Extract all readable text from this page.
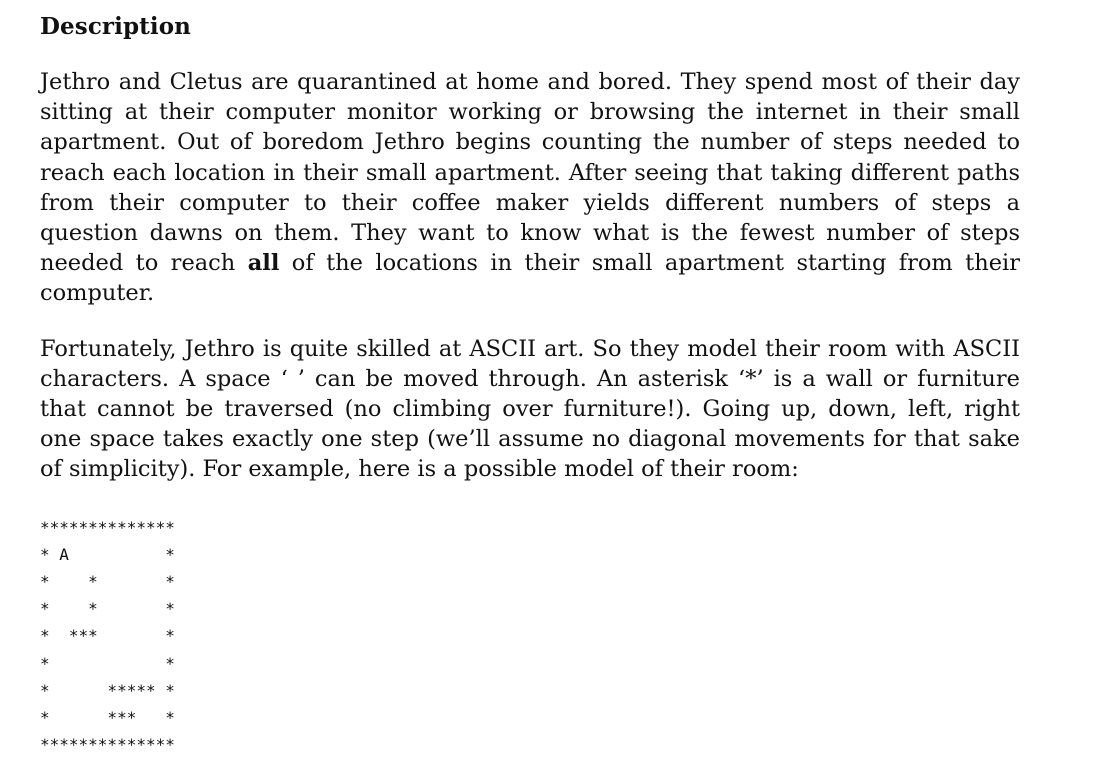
Description

Jethro and Cletus are quarantined at home and bored. They spend most of their day sitting at their computer monitor working or browsing the internet in their small apartment. Out of boredom Jethro begins counting the number of steps needed to reach each location in their small apartment. After seeing that taking different paths from their computer to their coffee maker yields different numbers of steps a question dawns on them. They want to know what is the fewest number of steps needed to reach all of the locations in their small apartment starting from their computer.

Fortunately, Jethro is quite skilled at ASCII art. So they model their room with ASCII characters. A space ‘ ’ can be moved through. An asterisk ‘*’ is a wall or furniture that cannot be traversed (no climbing over furniture!). Going up, down, left, right one space takes exactly one step (we’ll assume no diagonal movements for that sake of simplicity). For example, here is a possible model of their room:

**************
* A          *
*    *       *
*    *       *
*  ***       *
*            *
*      ***** *
*      ***   *
**************
